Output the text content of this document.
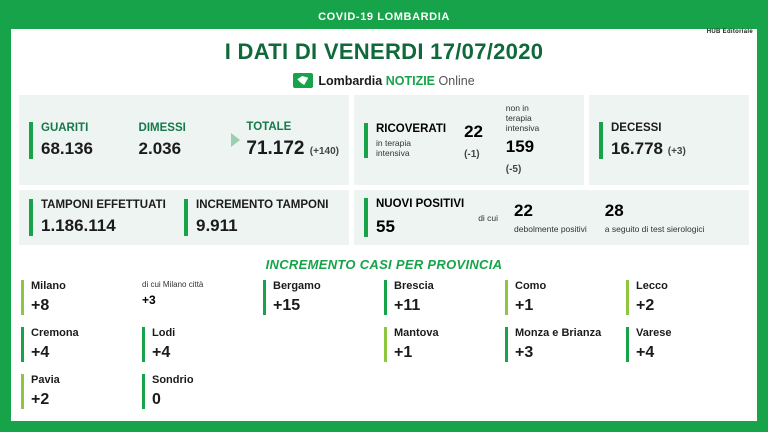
COVID-19 LOMBARDIA
HUB Editoriale
I DATI DI VENERDI 17/07/2020
Lombardia NOTIZIE Online
GUARITI
68.136
DIMESSI
2.036
TOTALE
71.172 (+140)
RICOVERATI
in terapia intensiva
22 (-1)
non in terapia intensiva
159 (-5)
DECESSI
16.778 (+3)
TAMPONI EFFETTUATI
1.186.114
INCREMENTO TAMPONI
9.911
NUOVI POSITIVI
55	di cui 22
debolmente positivi
28
a seguito di test sierologici
INCREMENTO CASI PER PROVINCIA
Milano
+8
di cui Milano città
+3
Bergamo
+15
Brescia
+11
Como
+1
Cremona
+4
Lecco
+2
Lodi
+4
Mantova
+1
Monza e Brianza
+3
Pavia
+2
Sondrio
0
Varese
+4
